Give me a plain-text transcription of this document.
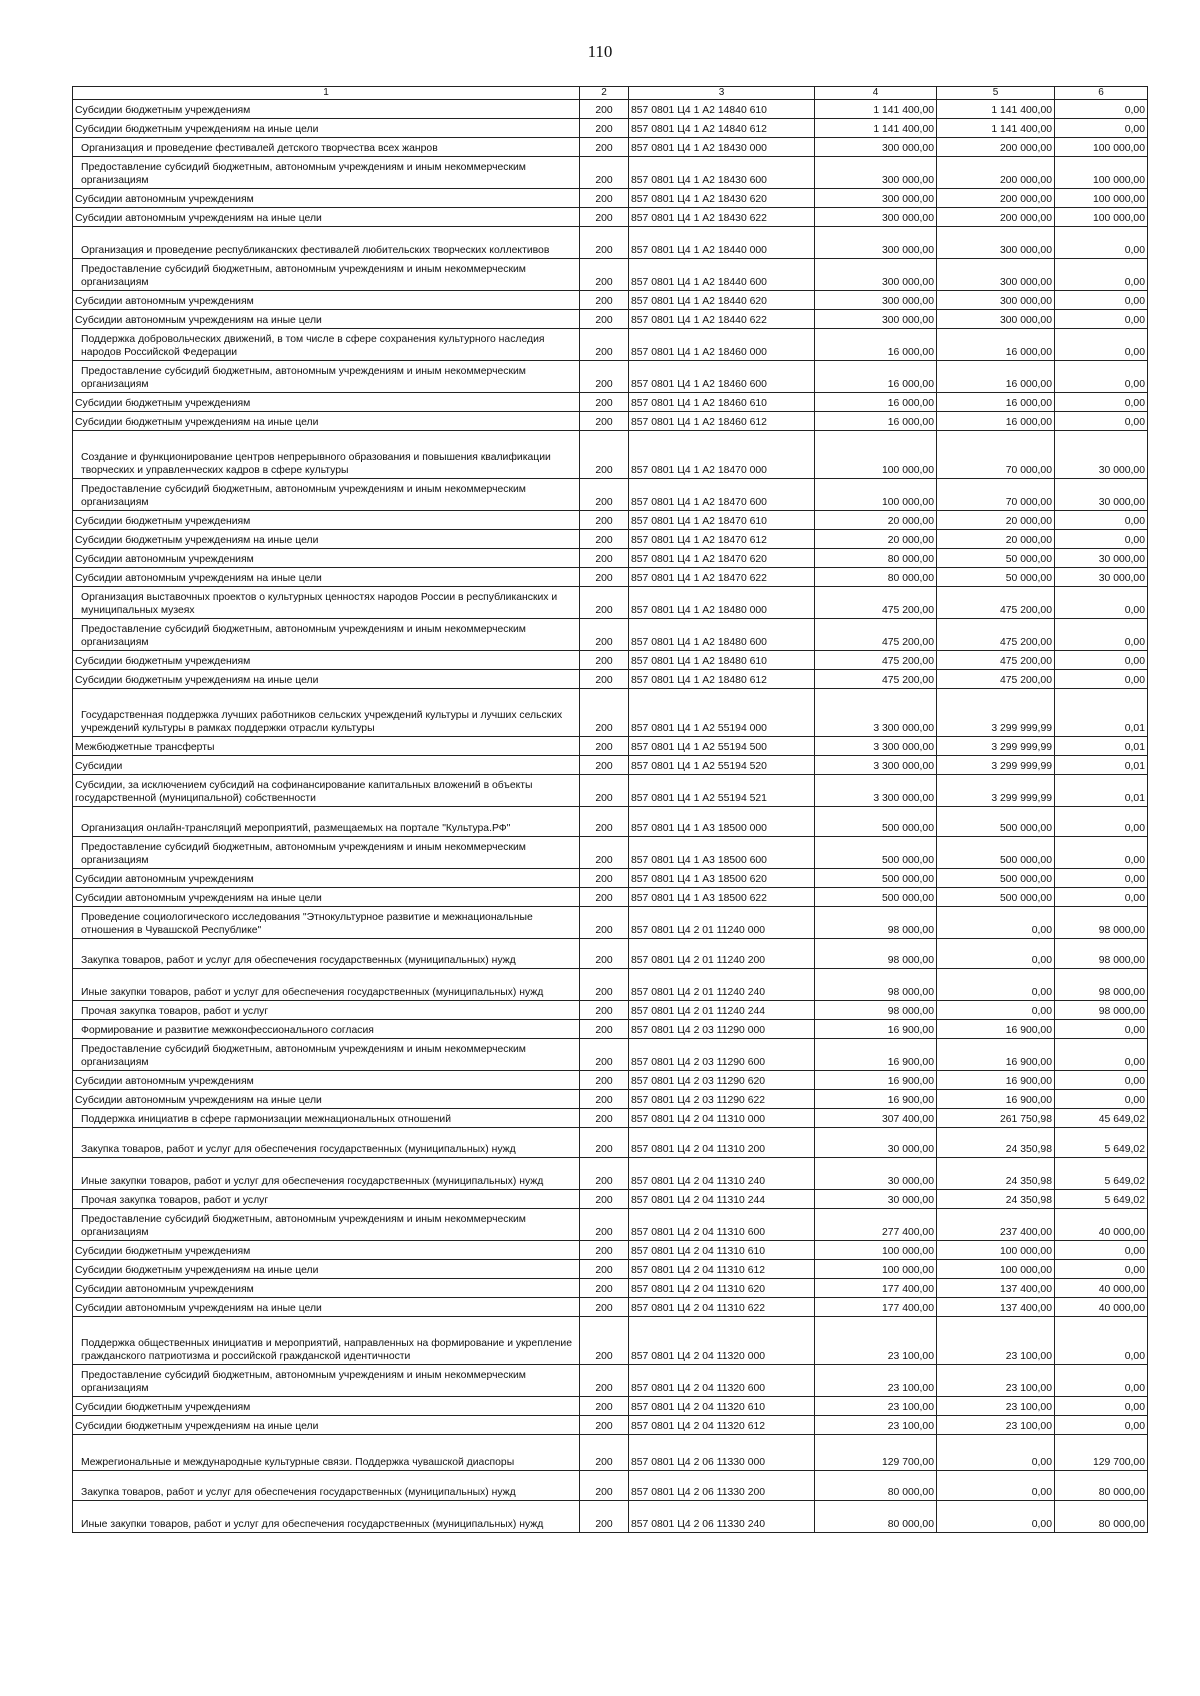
110
1	2	3	4	5	6
Субсидии бюджетным учреждениям	200	857 0801 Ц4 1 А2 14840 610	1 141 400,00	1 141 400,00	0,00
Субсидии бюджетным учреждениям на иные цели	200	857 0801 Ц4 1 А2 14840 612	1 141 400,00	1 141 400,00	0,00
Организация и проведение фестивалей детского творчества всех жанров	200	857 0801 Ц4 1 А2 18430 000	300 000,00	200 000,00	100 000,00
Предоставление субсидий бюджетным, автономным учреждениям и иным некоммерческим организациям	200	857 0801 Ц4 1 А2 18430 600	300 000,00	200 000,00	100 000,00
Субсидии автономным учреждениям	200	857 0801 Ц4 1 А2 18430 620	300 000,00	200 000,00	100 000,00
Субсидии автономным учреждениям на иные цели	200	857 0801 Ц4 1 А2 18430 622	300 000,00	200 000,00	100 000,00
Организация и проведение республиканских фестивалей любительских творческих коллективов	200	857 0801 Ц4 1 А2 18440 000	300 000,00	300 000,00	0,00
Предоставление субсидий бюджетным, автономным учреждениям и иным некоммерческим организациям	200	857 0801 Ц4 1 А2 18440 600	300 000,00	300 000,00	0,00
Субсидии автономным учреждениям	200	857 0801 Ц4 1 А2 18440 620	300 000,00	300 000,00	0,00
Субсидии автономным учреждениям на иные цели	200	857 0801 Ц4 1 А2 18440 622	300 000,00	300 000,00	0,00
Поддержка добровольческих движений, в том числе в сфере сохранения культурного наследия народов Российской Федерации	200	857 0801 Ц4 1 А2 18460 000	16 000,00	16 000,00	0,00
Предоставление субсидий бюджетным, автономным учреждениям и иным некоммерческим организациям	200	857 0801 Ц4 1 А2 18460 600	16 000,00	16 000,00	0,00
Субсидии бюджетным учреждениям	200	857 0801 Ц4 1 А2 18460 610	16 000,00	16 000,00	0,00
Субсидии бюджетным учреждениям на иные цели	200	857 0801 Ц4 1 А2 18460 612	16 000,00	16 000,00	0,00
Создание и функционирование центров непрерывного образования и повышения квалификации творческих и управленческих кадров в сфере культуры	200	857 0801 Ц4 1 А2 18470 000	100 000,00	70 000,00	30 000,00
Предоставление субсидий бюджетным, автономным учреждениям и иным некоммерческим организациям	200	857 0801 Ц4 1 А2 18470 600	100 000,00	70 000,00	30 000,00
Субсидии бюджетным учреждениям	200	857 0801 Ц4 1 А2 18470 610	20 000,00	20 000,00	0,00
Субсидии бюджетным учреждениям на иные цели	200	857 0801 Ц4 1 А2 18470 612	20 000,00	20 000,00	0,00
Субсидии автономным учреждениям	200	857 0801 Ц4 1 А2 18470 620	80 000,00	50 000,00	30 000,00
Субсидии автономным учреждениям на иные цели	200	857 0801 Ц4 1 А2 18470 622	80 000,00	50 000,00	30 000,00
Организация выставочных проектов о культурных ценностях народов России в республиканских и муниципальных музеях	200	857 0801 Ц4 1 А2 18480 000	475 200,00	475 200,00	0,00
Предоставление субсидий бюджетным, автономным учреждениям и иным некоммерческим организациям	200	857 0801 Ц4 1 А2 18480 600	475 200,00	475 200,00	0,00
Субсидии бюджетным учреждениям	200	857 0801 Ц4 1 А2 18480 610	475 200,00	475 200,00	0,00
Субсидии бюджетным учреждениям на иные цели	200	857 0801 Ц4 1 А2 18480 612	475 200,00	475 200,00	0,00
Государственная поддержка лучших работников сельских учреждений культуры и лучших сельских учреждений культуры в рамках поддержки отрасли культуры	200	857 0801 Ц4 1 А2 55194 000	3 300 000,00	3 299 999,99	0,01
Межбюджетные трансферты	200	857 0801 Ц4 1 А2 55194 500	3 300 000,00	3 299 999,99	0,01
Субсидии	200	857 0801 Ц4 1 А2 55194 520	3 300 000,00	3 299 999,99	0,01
Субсидии, за исключением субсидий на софинансирование капитальных вложений в объекты государственной (муниципальной) собственности	200	857 0801 Ц4 1 А2 55194 521	3 300 000,00	3 299 999,99	0,01
Организация онлайн-трансляций мероприятий, размещаемых на портале "Культура.РФ"	200	857 0801 Ц4 1 А3 18500 000	500 000,00	500 000,00	0,00
Предоставление субсидий бюджетным, автономным учреждениям и иным некоммерческим организациям	200	857 0801 Ц4 1 А3 18500 600	500 000,00	500 000,00	0,00
Субсидии автономным учреждениям	200	857 0801 Ц4 1 А3 18500 620	500 000,00	500 000,00	0,00
Субсидии автономным учреждениям на иные цели	200	857 0801 Ц4 1 А3 18500 622	500 000,00	500 000,00	0,00
Проведение социологического исследования "Этнокультурное развитие и межнациональные отношения в Чувашской Республике"	200	857 0801 Ц4 2 01 11240 000	98 000,00	0,00	98 000,00
Закупка товаров, работ и услуг для обеспечения государственных (муниципальных) нужд	200	857 0801 Ц4 2 01 11240 200	98 000,00	0,00	98 000,00
Иные закупки товаров, работ и услуг для обеспечения государственных (муниципальных) нужд	200	857 0801 Ц4 2 01 11240 240	98 000,00	0,00	98 000,00
Прочая закупка товаров, работ и услуг	200	857 0801 Ц4 2 01 11240 244	98 000,00	0,00	98 000,00
Формирование и развитие межконфессионального согласия	200	857 0801 Ц4 2 03 11290 000	16 900,00	16 900,00	0,00
Предоставление субсидий бюджетным, автономным учреждениям и иным некоммерческим организациям	200	857 0801 Ц4 2 03 11290 600	16 900,00	16 900,00	0,00
Субсидии автономным учреждениям	200	857 0801 Ц4 2 03 11290 620	16 900,00	16 900,00	0,00
Субсидии автономным учреждениям на иные цели	200	857 0801 Ц4 2 03 11290 622	16 900,00	16 900,00	0,00
Поддержка инициатив в сфере гармонизации межнациональных отношений	200	857 0801 Ц4 2 04 11310 000	307 400,00	261 750,98	45 649,02
Закупка товаров, работ и услуг для обеспечения государственных (муниципальных) нужд	200	857 0801 Ц4 2 04 11310 200	30 000,00	24 350,98	5 649,02
Иные закупки товаров, работ и услуг для обеспечения государственных (муниципальных) нужд	200	857 0801 Ц4 2 04 11310 240	30 000,00	24 350,98	5 649,02
Прочая закупка товаров, работ и услуг	200	857 0801 Ц4 2 04 11310 244	30 000,00	24 350,98	5 649,02
Предоставление субсидий бюджетным, автономным учреждениям и иным некоммерческим организациям	200	857 0801 Ц4 2 04 11310 600	277 400,00	237 400,00	40 000,00
Субсидии бюджетным учреждениям	200	857 0801 Ц4 2 04 11310 610	100 000,00	100 000,00	0,00
Субсидии бюджетным учреждениям на иные цели	200	857 0801 Ц4 2 04 11310 612	100 000,00	100 000,00	0,00
Субсидии автономным учреждениям	200	857 0801 Ц4 2 04 11310 620	177 400,00	137 400,00	40 000,00
Субсидии автономным учреждениям на иные цели	200	857 0801 Ц4 2 04 11310 622	177 400,00	137 400,00	40 000,00
Поддержка общественных инициатив и мероприятий, направленных на формирование и укрепление гражданского патриотизма и российской гражданской идентичности	200	857 0801 Ц4 2 04 11320 000	23 100,00	23 100,00	0,00
Предоставление субсидий бюджетным, автономным учреждениям и иным некоммерческим организациям	200	857 0801 Ц4 2 04 11320 600	23 100,00	23 100,00	0,00
Субсидии бюджетным учреждениям	200	857 0801 Ц4 2 04 11320 610	23 100,00	23 100,00	0,00
Субсидии бюджетным учреждениям на иные цели	200	857 0801 Ц4 2 04 11320 612	23 100,00	23 100,00	0,00
Межрегиональные и международные культурные связи. Поддержка чувашской диаспоры	200	857 0801 Ц4 2 06 11330 000	129 700,00	0,00	129 700,00
Закупка товаров, работ и услуг для обеспечения государственных (муниципальных) нужд	200	857 0801 Ц4 2 06 11330 200	80 000,00	0,00	80 000,00
Иные закупки товаров, работ и услуг для обеспечения государственных (муниципальных) нужд	200	857 0801 Ц4 2 06 11330 240	80 000,00	0,00	80 000,00
